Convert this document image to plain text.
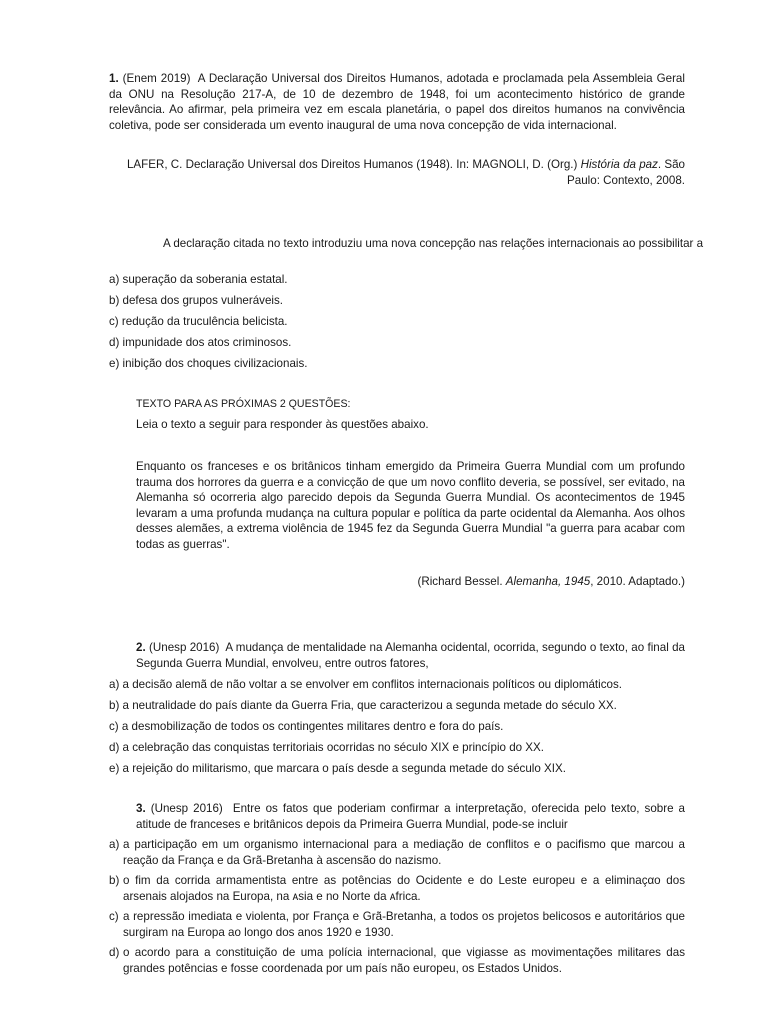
1. (Enem 2019) A Declaração Universal dos Direitos Humanos, adotada e proclamada pela Assembleia Geral da ONU na Resolução 217-A, de 10 de dezembro de 1948, foi um acontecimento histórico de grande relevância. Ao afirmar, pela primeira vez em escala planetária, o papel dos direitos humanos na convivência coletiva, pode ser considerada um evento inaugural de uma nova concepção de vida internacional.
LAFER, C. Declaração Universal dos Direitos Humanos (1948). In: MAGNOLI, D. (Org.) História da paz. São Paulo: Contexto, 2008.
A declaração citada no texto introduziu uma nova concepção nas relações internacionais ao possibilitar a
a) superação da soberania estatal.
b) defesa dos grupos vulneráveis.
c) redução da truculência belicista.
d) impunidade dos atos criminosos.
e) inibição dos choques civilizacionais.
TEXTO PARA AS PRÓXIMAS 2 QUESTÕES:
Leia o texto a seguir para responder às questões abaixo.
Enquanto os franceses e os britânicos tinham emergido da Primeira Guerra Mundial com um profundo trauma dos horrores da guerra e a convicção de que um novo conflito deveria, se possível, ser evitado, na Alemanha só ocorreria algo parecido depois da Segunda Guerra Mundial. Os acontecimentos de 1945 levaram a uma profunda mudança na cultura popular e política da parte ocidental da Alemanha. Aos olhos desses alemães, a extrema violência de 1945 fez da Segunda Guerra Mundial "a guerra para acabar com todas as guerras".
(Richard Bessel. Alemanha, 1945, 2010. Adaptado.)
2. (Unesp 2016) A mudança de mentalidade na Alemanha ocidental, ocorrida, segundo o texto, ao final da Segunda Guerra Mundial, envolveu, entre outros fatores,
a) a decisão alemã de não voltar a se envolver em conflitos internacionais políticos ou diplomáticos.
b) a neutralidade do país diante da Guerra Fria, que caracterizou a segunda metade do século XX.
c) a desmobilização de todos os contingentes militares dentro e fora do país.
d) a celebração das conquistas territoriais ocorridas no século XIX e princípio do XX.
e) a rejeição do militarismo, que marcara o país desde a segunda metade do século XIX.
3. (Unesp 2016) Entre os fatos que poderiam confirmar a interpretação, oferecida pelo texto, sobre a atitude de franceses e britânicos depois da Primeira Guerra Mundial, pode-se incluir
a) a participação em um organismo internacional para a mediação de conflitos e o pacifismo que marcou a reação da França e da Grã-Bretanha à ascensão do nazismo.
b) o fim da corrida armamentista entre as potências do Ocidente e do Leste europeu e a eliminaçαo dos arsenais alojados na Europa, na ᴀsia e no Norte da ᴀfrica.
c) a repressão imediata e violenta, por França e Grã-Bretanha, a todos os projetos belicosos e autoritários que surgiram na Europa ao longo dos anos 1920 e 1930.
d) o acordo para a constituição de uma polícia internacional, que vigiasse as movimentações militares das grandes potências e fosse coordenada por um país não europeu, os Estados Unidos.
